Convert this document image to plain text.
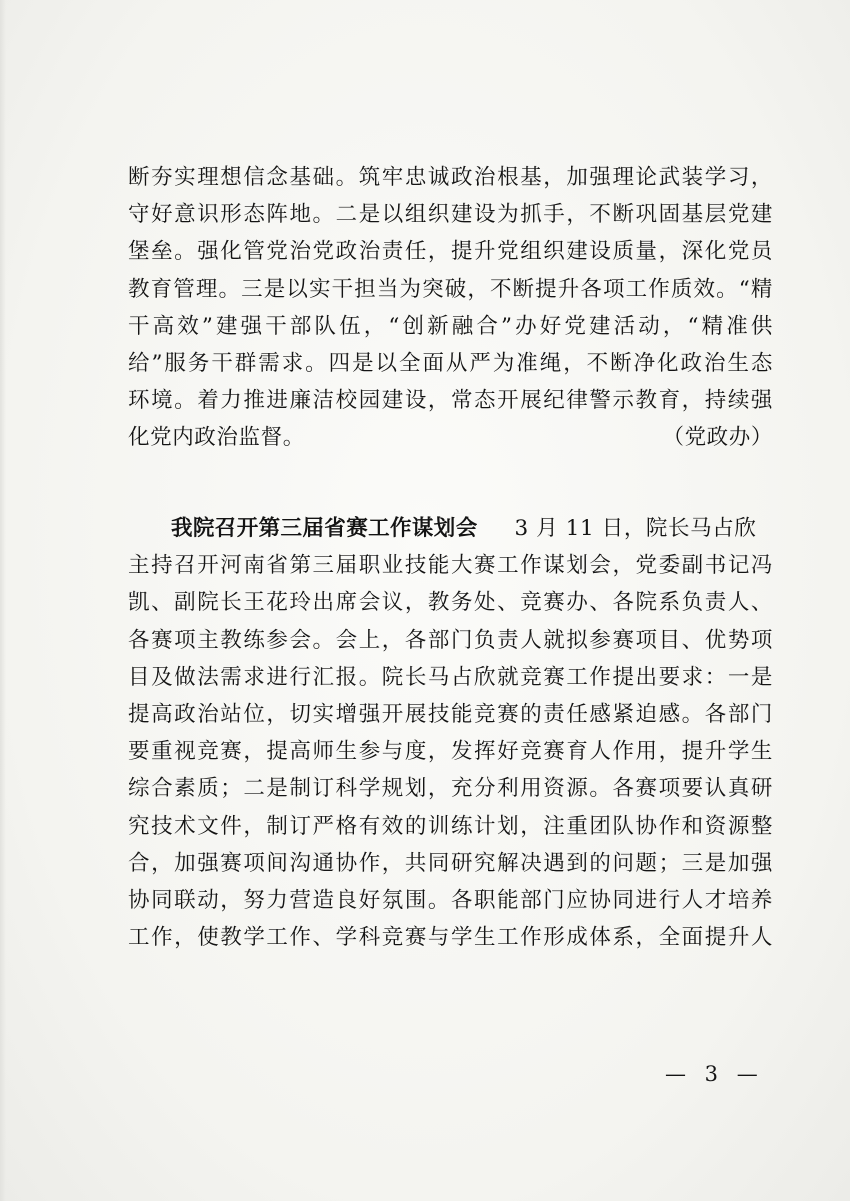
断夯实理想信念基础。筑牢忠诚政治根基，加强理论武装学习，
守好意识形态阵地。二是以组织建设为抓手，不断巩固基层党建
堡垒。强化管党治党政治责任，提升党组织建设质量，深化党员
教育管理。三是以实干担当为突破，不断提升各项工作质效。“精
干高效”建强干部队伍，“创新融合”办好党建活动，“精准供
给”服务干群需求。四是以全面从严为准绳，不断净化政治生态
环境。着力推进廉洁校园建设，常态开展纪律警示教育，持续强
化党内政治监督。	（党政办）
我院召开第三届省赛工作谋划会 3 月 11 日，院长马占欣
主持召开河南省第三届职业技能大赛工作谋划会，党委副书记冯
凯、副院长王花玲出席会议，教务处、竞赛办、各院系负责人、
各赛项主教练参会。会上，各部门负责人就拟参赛项目、优势项
目及做法需求进行汇报。院长马占欣就竞赛工作提出要求：一是
提高政治站位，切实增强开展技能竞赛的责任感紧迫感。各部门
要重视竞赛，提高师生参与度，发挥好竞赛育人作用，提升学生
综合素质；二是制订科学规划，充分利用资源。各赛项要认真研
究技术文件，制订严格有效的训练计划，注重团队协作和资源整
合，加强赛项间沟通协作，共同研究解决遇到的问题；三是加强
协同联动，努力营造良好氛围。各职能部门应协同进行人才培养
工作，使教学工作、学科竞赛与学生工作形成体系，全面提升人
— 3 —
